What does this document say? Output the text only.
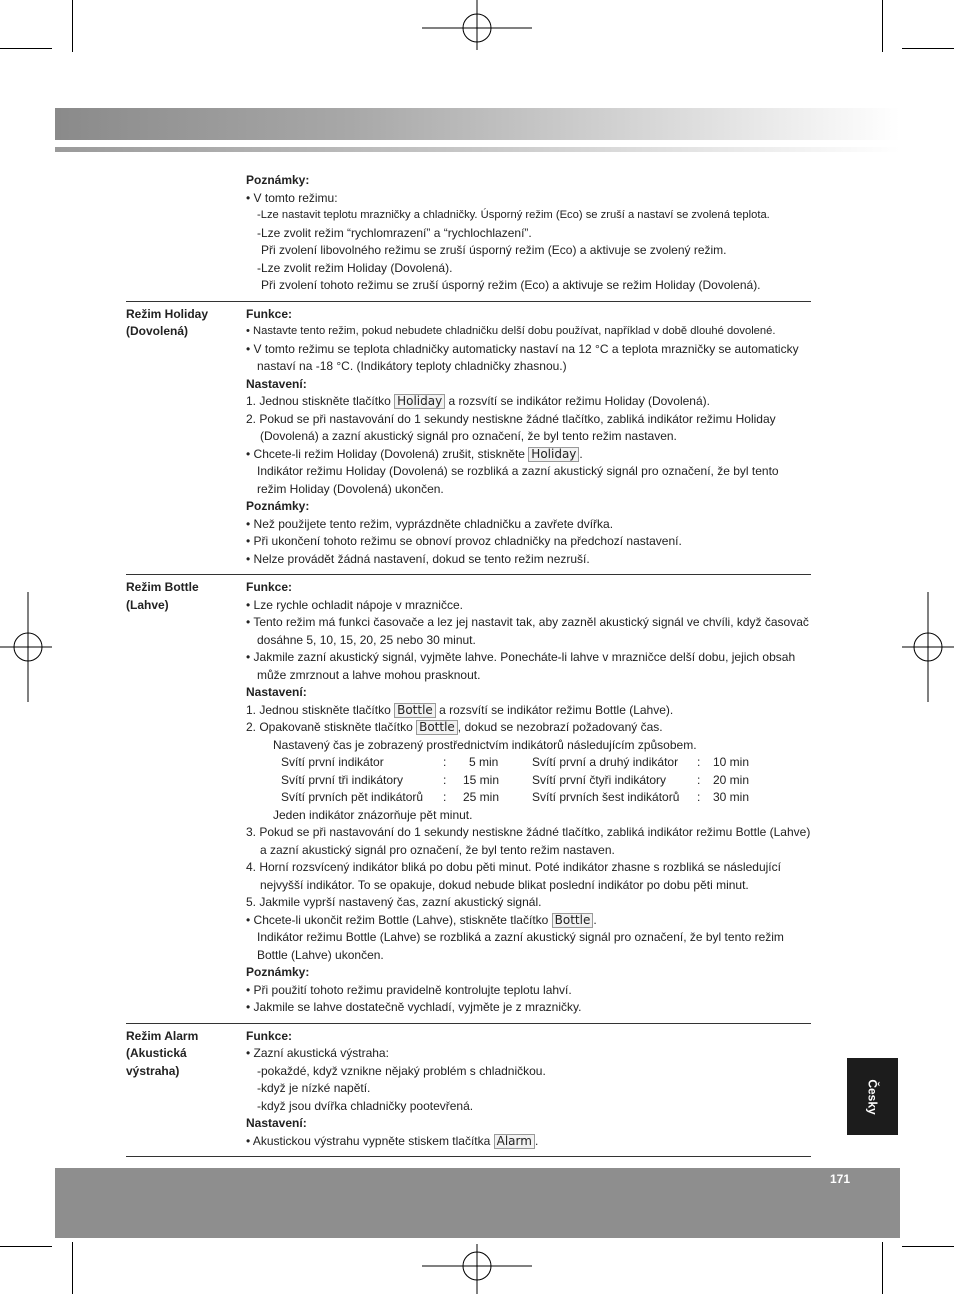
Poznámky:
• V tomto režimu:
-Lze nastavit teplotu mrazničky a chladničky. Úsporný režim (Eco) se zruší a nastaví se zvolená teplota.
-Lze zvolit režim “rychlomrazení” a “rychlochlazení”.
Při zvolení libovolného režimu se zruší úsporný režim (Eco) a aktivuje se zvolený režim.
-Lze zvolit režim Holiday (Dovolená).
Při zvolení tohoto režimu se zruší úsporný režim (Eco) a aktivuje se režim Holiday (Dovolená).
Režim Holiday
(Dovolená)
Funkce:
• Nastavte tento režim, pokud nebudete chladničku delší dobu používat, například v době dlouhé dovolené.
• V tomto režimu se teplota chladničky automaticky nastaví na 12 °C a teplota mrazničky se automaticky nastaví na -18 °C. (Indikátory teploty chladničky zhasnou.)
Nastavení:
1. Jednou stiskněte tlačítko Holiday a rozsvítí se indikátor režimu Holiday (Dovolená).
2. Pokud se při nastavování do 1 sekundy nestiskne žádné tlačítko, zabliká indikátor režimu Holiday (Dovolená) a zazní akustický signál pro označení, že byl tento režim nastaven.
• Chcete-li režim Holiday (Dovolená) zrušit, stiskněte Holiday .
Indikátor režimu Holiday (Dovolená) se rozbliká a zazní akustický signál pro označení, že byl tento režim Holiday (Dovolená) ukončen.
Poznámky:
• Než použijete tento režim, vyprázdněte chladničku a zavřete dvířka.
• Při ukončení tohoto režimu se obnoví provoz chladničky na předchozí nastavení.
• Nelze provádět žádná nastavení, dokud se tento režim nezruší.
Režim Bottle
(Lahve)
Funkce:
• Lze rychle ochladit nápoje v mrazničce.
• Tento režim má funkci časovače a lez jej nastavit tak, aby zazněl akustický signál ve chvíli, když časovač dosáhne 5, 10, 15, 20, 25 nebo 30 minut.
• Jakmile zazní akustický signál, vyjměte lahve. Ponecháte-li lahve v mrazničce delší dobu, jejich obsah může zmrznout a lahve mohou prasknout.
Nastavení:
1. Jednou stiskněte tlačítko Bottle a rozsvítí se indikátor režimu Bottle (Lahve).
2. Opakovaně stiskněte tlačítko Bottle , dokud se nezobrazí požadovaný čas.
Nastavený čas je zobrazený prostřednictvím indikátorů následujícím způsobem.
Svítí první indikátor	:	5 min	Svítí první a druhý indikátor	:	10 min
Svítí první tři indikátory	:	15 min	Svítí první čtyři indikátory	:	20 min
Svítí prvních pět indikátorů	:	25 min	Svítí prvních šest indikátorů	:	30 min
Jeden indikátor znázorňuje pět minut.
3. Pokud se při nastavování do 1 sekundy nestiskne žádné tlačítko, zabliká indikátor režimu Bottle (Lahve) a zazní akustický signál pro označení, že byl tento režim nastaven.
4. Horní rozsvícený indikátor bliká po dobu pěti minut. Poté indikátor zhasne s rozbliká se následující nejvyšší indikátor. To se opakuje, dokud nebude blikat poslední indikátor po dobu pěti minut.
5. Jakmile vyprší nastavený čas, zazní akustický signál.
• Chcete-li ukončit režim Bottle (Lahve), stiskněte tlačítko Bottle .
Indikátor režimu Bottle (Lahve) se rozbliká a zazní akustický signál pro označení, že byl tento režim Bottle (Lahve) ukončen.
Poznámky:
• Při použití tohoto režimu pravidelně kontrolujte teplotu lahví.
• Jakmile se lahve dostatečně vychladí, vyjměte je z mrazničky.
Režim Alarm
(Akustická
výstraha)
Funkce:
• Zazní akustická výstraha:
-pokaždé, když vznikne nějaký problém s chladničkou.
-když je nízké napětí.
-když jsou dvířka chladničky pootevřená.
Nastavení:
• Akustickou výstrahu vypněte stiskem tlačítka Alarm .
Česky
171
